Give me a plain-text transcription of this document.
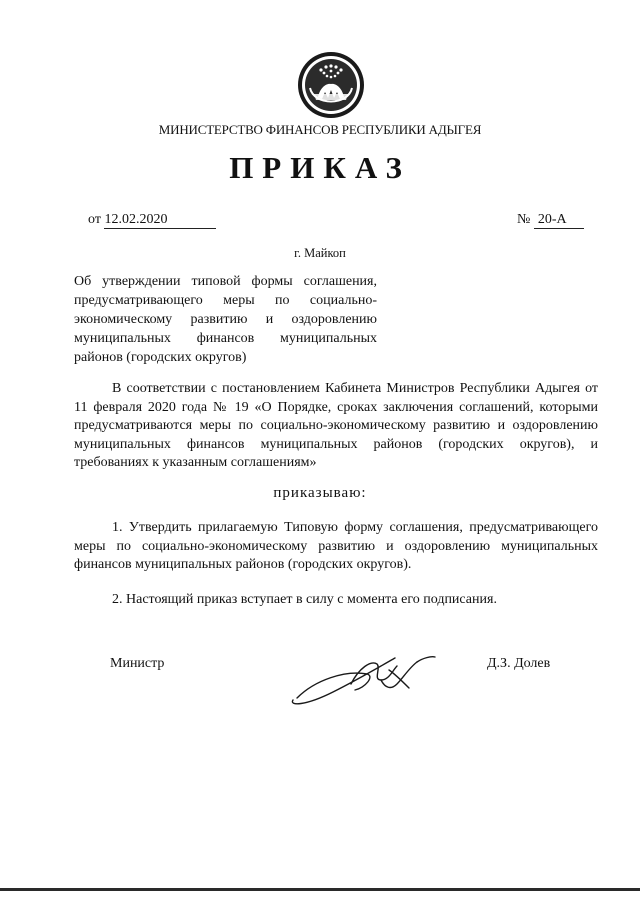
МИНИСТЕРСТВО ФИНАНСОВ РЕСПУБЛИКИ АДЫГЕЯ
ПРИКАЗ
от 12.02.2020	№ 20-А
г. Майкоп
Об утверждении типовой формы соглашения, предусматривающего меры по социально-экономическому развитию и оздоровлению муниципальных финансов муниципальных районов (городских округов)
В соответствии с постановлением Кабинета Министров Республики Адыгея от 11 февраля 2020 года № 19 «О Порядке, сроках заключения соглашений, которыми предусматриваются меры по социально-экономическому развитию и оздоровлению муниципальных финансов муниципальных районов (городских округов), и требованиях к указанным соглашениям»
приказываю:
1. Утвердить прилагаемую Типовую форму соглашения, предусматривающего меры по социально-экономическому развитию и оздоровлению муниципальных финансов муниципальных районов (городских округов).
2. Настоящий приказ вступает в силу с момента его подписания.
Министр	Д.З. Долев
